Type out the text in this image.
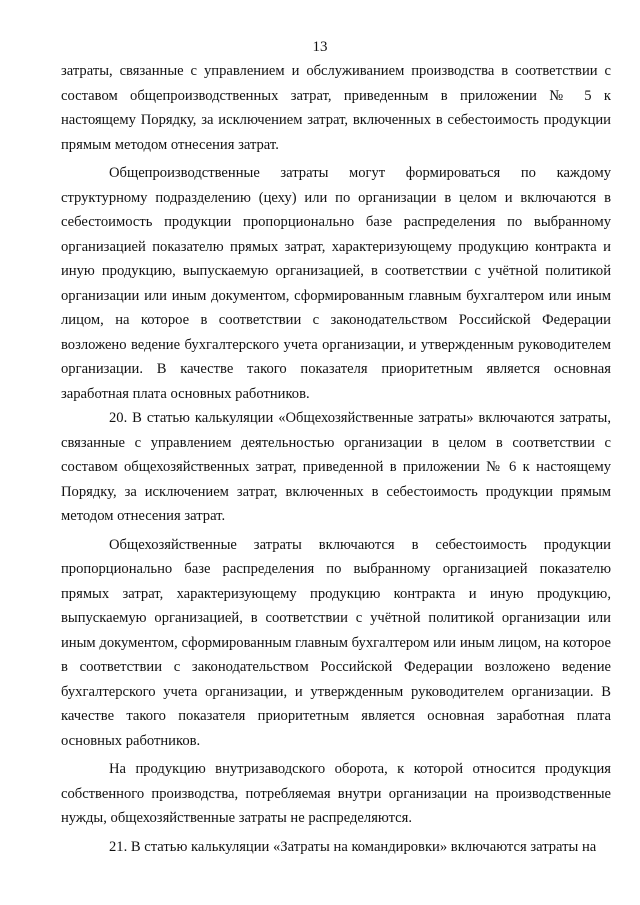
13

затраты, связанные с управлением и обслуживанием производства в соответствии с составом общепроизводственных затрат, приведенным в приложении № 5 к настоящему Порядку, за исключением затрат, включенных в себестоимость продукции прямым методом отнесения затрат.

Общепроизводственные затраты могут формироваться по каждому структурному подразделению (цеху) или по организации в целом и включаются в себестоимость продукции пропорционально базе распределения по выбранному организацией показателю прямых затрат, характеризующему продукцию контракта и иную продукцию, выпускаемую организацией, в соответствии с учётной политикой организации или иным документом, сформированным главным бухгалтером или иным лицом, на которое в соответствии с законодательством Российской Федерации возложено ведение бухгалтерского учета организации, и утвержденным руководителем организации. В качестве такого показателя приоритетным является основная заработная плата основных работников.

20. В статью калькуляции «Общехозяйственные затраты» включаются затраты, связанные с управлением деятельностью организации в целом в соответствии с составом общехозяйственных затрат, приведенной в приложении № 6 к настоящему Порядку, за исключением затрат, включенных в себестоимость продукции прямым методом отнесения затрат.

Общехозяйственные затраты включаются в себестоимость продукции пропорционально базе распределения по выбранному организацией показателю прямых затрат, характеризующему продукцию контракта и иную продукцию, выпускаемую организацией, в соответствии с учётной политикой организации или иным документом, сформированным главным бухгалтером или иным лицом, на которое в соответствии с законодательством Российской Федерации возложено ведение бухгалтерского учета организации, и утвержденным руководителем организации. В качестве такого показателя приоритетным является основная заработная плата основных работников.

На продукцию внутризаводского оборота, к которой относится продукция собственного производства, потребляемая внутри организации на производственные нужды, общехозяйственные затраты не распределяются.

21. В статью калькуляции «Затраты на командировки» включаются затраты на
